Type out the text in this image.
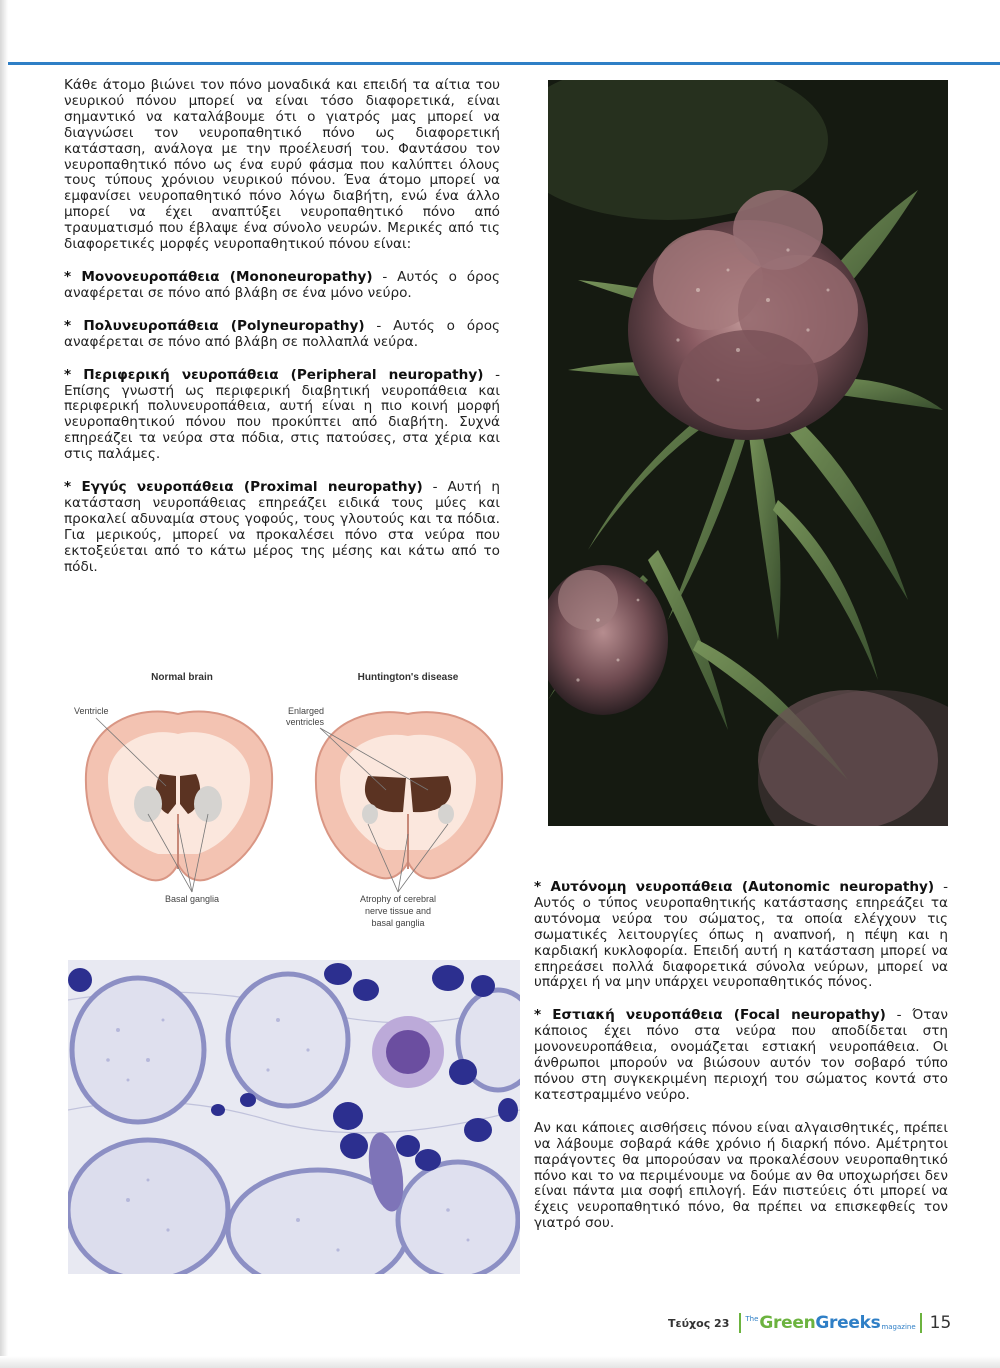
Κάθε άτομο βιώνει τον πόνο μοναδικά και επειδή τα αίτια του νευρικού πόνου μπορεί να είναι τόσο διαφορετικά, είναι σημαντικό να καταλάβουμε ότι ο γιατρός μας μπορεί να διαγνώσει τον νευροπαθητικό πόνο ως διαφορετική κατάσταση, ανάλογα με την προέλευσή του. Φαντάσου τον νευροπαθητικό πόνο ως ένα ευρύ φάσμα που καλύπτει όλους τους τύπους χρόνιου νευρικού πόνου. Ένα άτομο μπορεί να εμφανίσει νευροπαθητικό πόνο λόγω διαβήτη, ενώ ένα άλλο μπορεί να έχει αναπτύξει νευροπαθητικό πόνο από τραυματισμό που έβλαψε ένα σύνολο νευρών. Μερικές από τις διαφορετικές μορφές νευροπαθητικού πόνου είναι:

* Μονονευροπάθεια (Mononeuropathy) - Αυτός ο όρος αναφέρεται σε πόνο από βλάβη σε ένα μόνο νεύρο.

* Πολυνευροπάθεια (Polyneuropathy) - Αυτός ο όρος αναφέρεται σε πόνο από βλάβη σε πολλαπλά νεύρα.

* Περιφερική νευροπάθεια (Peripheral neuropathy) - Επίσης γνωστή ως περιφερική διαβητική νευροπάθεια και περιφερική πολυνευροπάθεια, αυτή είναι η πιο κοινή μορφή νευροπαθητικού πόνου που προκύπτει από διαβήτη. Συχνά επηρεάζει τα νεύρα στα πόδια, στις πατούσες, στα χέρια και στις παλάμες.

* Εγγύς νευροπάθεια (Proximal neuropathy) - Αυτή η κατάσταση νευροπάθειας επηρεάζει ειδικά τους μύες και προκαλεί αδυναμία στους γοφούς, τους γλουτούς και τα πόδια. Για μερικούς, μπορεί να προκαλέσει πόνο στα νεύρα που εκτοξεύεται από το κάτω μέρος της μέσης και κάτω από το πόδι.

Normal brain	Huntington's disease
Ventricle
Basal ganglia
Enlarged
ventricles
Atrophy of cerebral
nerve tissue and
basal ganglia

* Αυτόνομη νευροπάθεια (Autonomic neuropathy) - Αυτός ο τύπος νευροπαθητικής κατάστασης επηρεάζει τα αυτόνομα νεύρα του σώματος, τα οποία ελέγχουν τις σωματικές λειτουργίες όπως η αναπνοή, η πέψη και η καρδιακή κυκλοφορία. Επειδή αυτή η κατάσταση μπορεί να επηρεάσει πολλά διαφορετικά σύνολα νεύρων, μπορεί να υπάρχει ή να μην υπάρχει νευροπαθητικός πόνος.

* Εστιακή νευροπάθεια (Focal neuropathy) - Όταν κάποιος έχει πόνο στα νεύρα που αποδίδεται στη μονονευροπάθεια, ονομάζεται εστιακή νευροπάθεια. Οι άνθρωποι μπορούν να βιώσουν αυτόν τον σοβαρό τύπο πόνου στη συγκεκριμένη περιοχή του σώματος κοντά στο κατεστραμμένο νεύρο.

Αν και κάποιες αισθήσεις πόνου είναι αλγαισθητικές, πρέπει να λάβουμε σοβαρά κάθε χρόνιο ή διαρκή πόνο. Αμέτρητοι παράγοντες θα μπορούσαν να προκαλέσουν νευροπαθητικό πόνο και το να περιμένουμε να δούμε αν θα υποχωρήσει δεν είναι πάντα μια σοφή επιλογή. Εάν πιστεύεις ότι μπορεί να έχεις νευροπαθητικό πόνο, θα πρέπει να επισκεφθείς τον γιατρό σου.

Τεύχος 23 The Green Greeks magazine 15
